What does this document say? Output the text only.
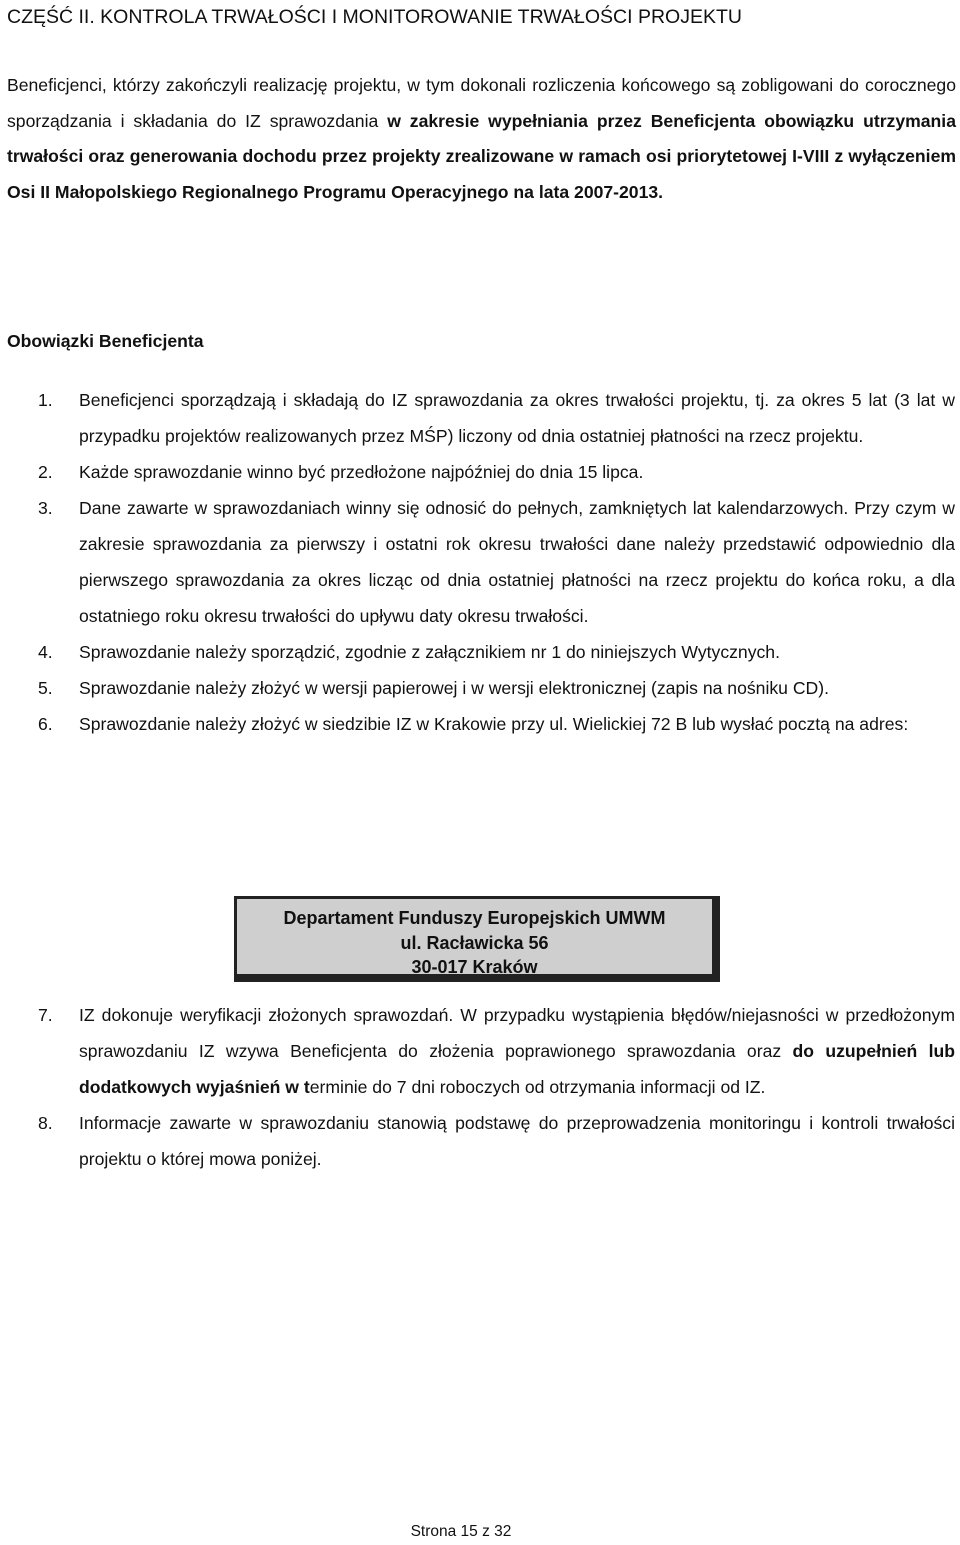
CZĘŚĆ II. KONTROLA TRWAŁOŚCI I MONITOROWANIE TRWAŁOŚCI PROJEKTU
Beneficjenci, którzy zakończyli realizację projektu, w tym dokonali rozliczenia końcowego są zobligowani do corocznego sporządzania i składania do IZ sprawozdania w zakresie wypełniania przez Beneficjenta obowiązku utrzymania trwałości oraz generowania dochodu przez projekty zrealizowane w ramach osi priorytetowej I-VIII z wyłączeniem Osi II Małopolskiego Regionalnego Programu Operacyjnego na lata 2007-2013.
Obowiązki Beneficjenta
1. Beneficjenci sporządzają i składają do IZ sprawozdania za okres trwałości projektu, tj. za okres 5 lat (3 lat w przypadku projektów realizowanych przez MŚP) liczony od dnia ostatniej płatności na rzecz projektu.
2. Każde sprawozdanie winno być przedłożone najpóźniej do dnia 15 lipca.
3. Dane zawarte w sprawozdaniach winny się odnosić do pełnych, zamkniętych lat kalendarzowych. Przy czym w zakresie sprawozdania za pierwszy i ostatni rok okresu trwałości dane należy przedstawić odpowiednio dla pierwszego sprawozdania za okres licząc od dnia ostatniej płatności na rzecz projektu do końca roku, a dla ostatniego roku okresu trwałości do upływu daty okresu trwałości.
4. Sprawozdanie należy sporządzić, zgodnie z załącznikiem nr 1 do niniejszych Wytycznych.
5. Sprawozdanie należy złożyć w wersji papierowej i w wersji elektronicznej (zapis na nośniku CD).
6. Sprawozdanie należy złożyć w siedzibie IZ w Krakowie przy ul. Wielickiej 72 B lub wysłać pocztą na adres:
Departament Funduszy Europejskich UMWM
ul. Racławicka 56
30-017 Kraków
7. IZ dokonuje weryfikacji złożonych sprawozdań. W przypadku wystąpienia błędów/niejasności w przedłożonym sprawozdaniu IZ wzywa Beneficjenta do złożenia poprawionego sprawozdania oraz do uzupełnień lub dodatkowych wyjaśnień w terminie do 7 dni roboczych od otrzymania informacji od IZ.
8. Informacje zawarte w sprawozdaniu stanowią podstawę do przeprowadzenia monitoringu i kontroli trwałości projektu o której mowa poniżej.
Strona 15 z 32
